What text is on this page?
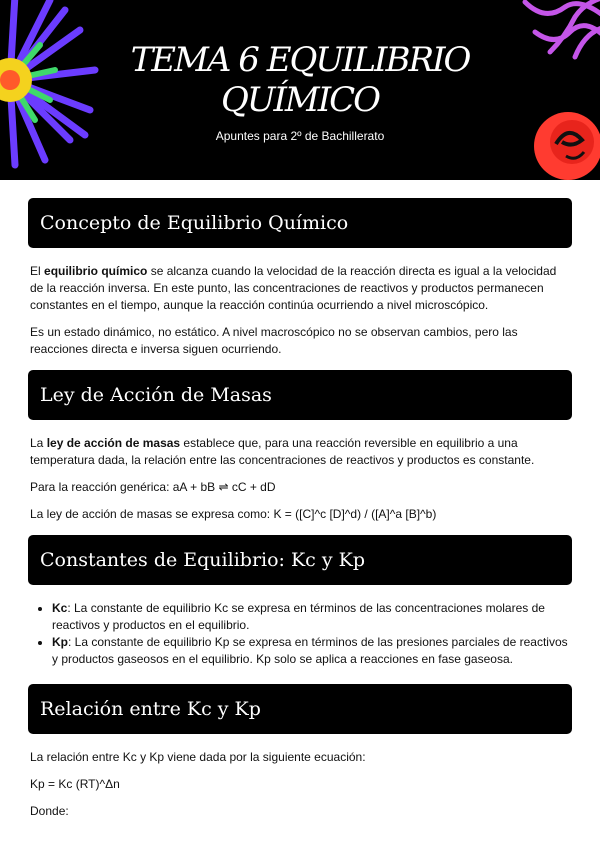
TEMA 6 EQUILIBRIO
QUÍMICO
Apuntes para 2º de Bachillerato
Concepto de Equilibrio Químico

El equilibrio químico se alcanza cuando la velocidad de la reacción directa es igual a la velocidad de la reacción inversa. En este punto, las concentraciones de reactivos y productos permanecen constantes en el tiempo, aunque la reacción continúa ocurriendo a nivel microscópico.

Es un estado dinámico, no estático. A nivel macroscópico no se observan cambios, pero las reacciones directa e inversa siguen ocurriendo.

Ley de Acción de Masas

La ley de acción de masas establece que, para una reacción reversible en equilibrio a una temperatura dada, la relación entre las concentraciones de reactivos y productos es constante.

Para la reacción genérica: aA + bB ⇌ cC + dD

La ley de acción de masas se expresa como: K = ([C]^c [D]^d) / ([A]^a [B]^b)

Constantes de Equilibrio: Kc y Kp
• Kc: La constante de equilibrio Kc se expresa en términos de las concentraciones molares de reactivos y productos en el equilibrio.
• Kp: La constante de equilibrio Kp se expresa en términos de las presiones parciales de reactivos y productos gaseosos en el equilibrio. Kp solo se aplica a reacciones en fase gaseosa.
Relación entre Kc y Kp

La relación entre Kc y Kp viene dada por la siguiente ecuación:

Kp = Kc (RT)^Δn

Donde:
